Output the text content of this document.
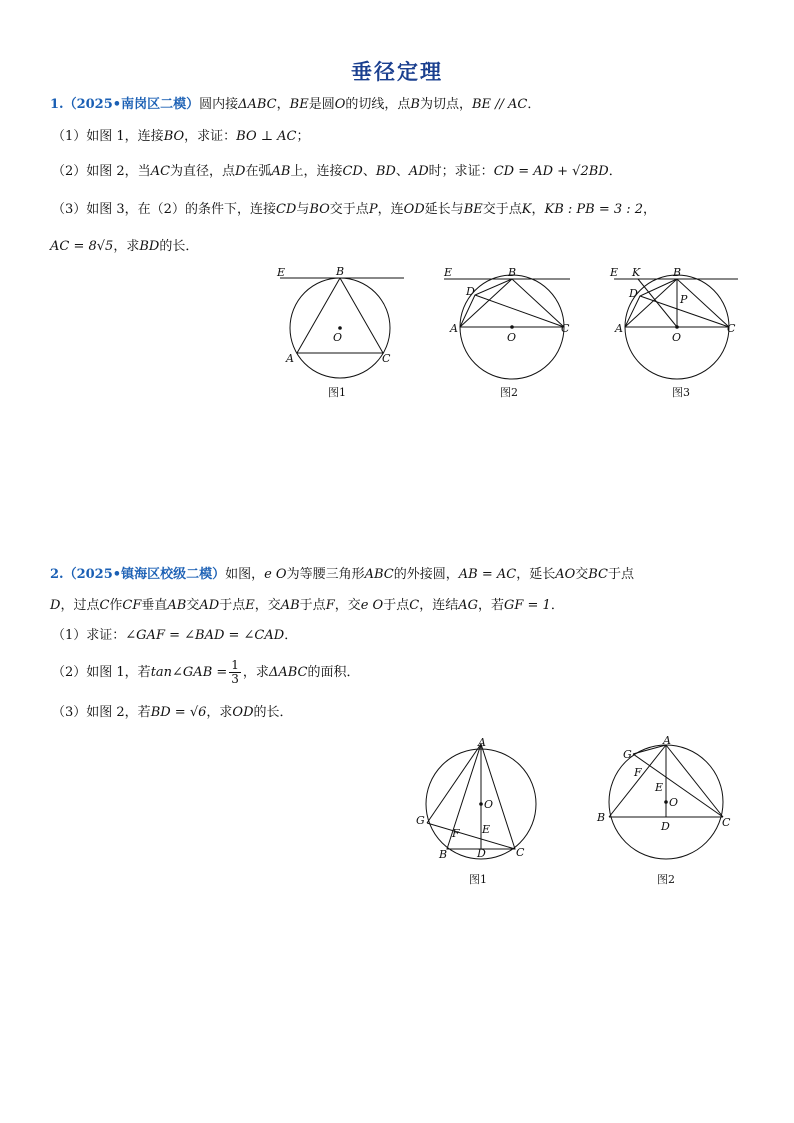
垂径定理
1.（2025•南岗区二模）圆内接ΔABC，BE是圆O的切线，点B为切点，BE // AC．
（1）如图 1，连接BO，求证：BO ⊥ AC；
（2）如图 2，当AC为直径，点D在弧AB上，连接CD、BD、AD时；求证：CD = AD + √2BD．
（3）如图 3，在（2）的条件下，连接CD与BO交于点P，连OD延长与BE交于点K，KB : PB = 3 : 2，
AC = 8√5，求BD的长．
E	B
O
A	C
图1
E	B
D
A
O
C
图2
E K	B
D	P
A
O
C
图3
2.（2025•镇海区校级二模）如图，e O为等腰三角形ABC的外接圆，AB = AC，延长AO交BC于点
D，过点C作CF垂直AB交AD于点E，交AB于点F，交e O于点C，连结AG，若GF = 1．
（1）求证：∠GAF = ∠BAD = ∠CAD．
（2）如图 1，若tan∠GAB = $\frac{1}{3}$ ，求ΔABC的面积．
（3）如图 2，若BD = √6，求OD的长．
A
O
G
F E
B	D	C
图1
G
A
F
E
O
B
D	C
图2
